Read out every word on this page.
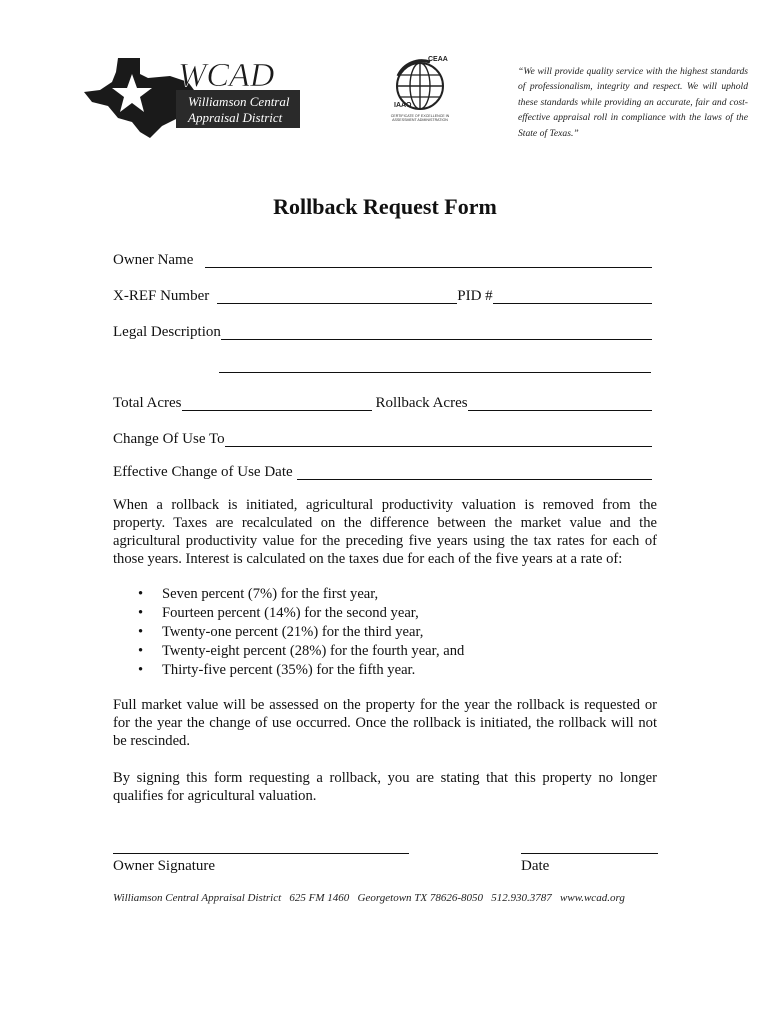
WCAD
Williamson Central
Appraisal District
CEAA
IAAO
CERTIFICATE OF EXCELLENCE IN
ASSESSMENT ADMINISTRATION
“We will provide quality service with the highest standards of professionalism, integrity and respect. We will uphold these standards while providing an accurate, fair and cost-effective appraisal roll in compliance with the laws of the State of Texas.”
Rollback Request Form
Owner Name
X-REF Number	PID #
Legal Description
Total Acres	Rollback Acres
Change Of Use To
Effective Change of Use Date
When a rollback is initiated, agricultural productivity valuation is removed from the property. Taxes are recalculated on the difference between the market value and the agricultural productivity value for the preceding five years using the tax rates for each of those years. Interest is calculated on the taxes due for each of the five years at a rate of:
• Seven percent (7%) for the first year,
• Fourteen percent (14%) for the second year,
• Twenty-one percent (21%) for the third year,
• Twenty-eight percent (28%) for the fourth year, and
• Thirty-five percent (35%) for the fifth year.
Full market value will be assessed on the property for the year the rollback is requested or for the year the change of use occurred. Once the rollback is initiated, the rollback will not be rescinded.
By signing this form requesting a rollback, you are stating that this property no longer qualifies for agricultural valuation.
Owner Signature	Date
Williamson Central Appraisal District   625 FM 1460   Georgetown TX 78626-8050   512.930.3787   www.wcad.org
